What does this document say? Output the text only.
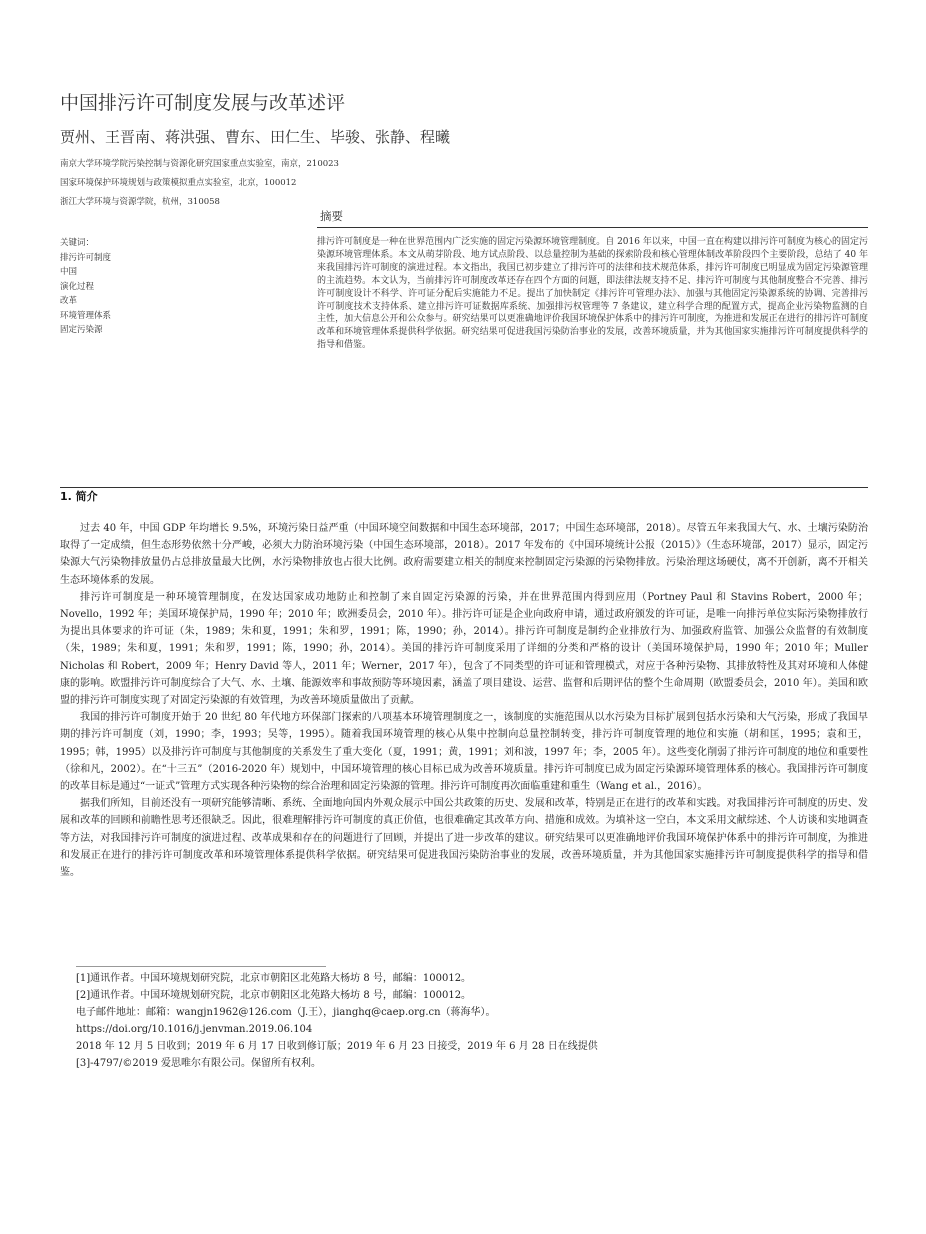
中国排污许可制度发展与改革述评
贾州、王晋南、蒋洪强、曹东、田仁生、毕骏、张静、程曦
南京大学环境学院污染控制与资源化研究国家重点实验室，南京，210023
国家环境保护环境规划与政策模拟重点实验室，北京，100012
浙江大学环境与资源学院，杭州，310058
摘要
关键词：
排污许可制度
中国
演化过程
改革
环境管理体系
固定污染源
排污许可制度是一种在世界范围内广泛实施的固定污染源环境管理制度。自 2016 年以来，中国一直在构建以排污许可制度为核心的固定污染源环境管理体系。本文从萌芽阶段、地方试点阶段、以总量控制为基础的探索阶段和核心管理体制改革阶段四个主要阶段，总结了 40 年来我国排污许可制度的演进过程。本文指出，我国已初步建立了排污许可的法律和技术规范体系，排污许可制度已明显成为固定污染源管理的主流趋势。本文认为，当前排污许可制度改革还存在四个方面的问题，即法律法规支持不足、排污许可制度与其他制度整合不完善、排污许可制度设计不科学、许可证分配后实施能力不足。提出了加快制定《排污许可管理办法》、加强与其他固定污染源系统的协调、完善排污许可制度技术支持体系、建立排污许可证数据库系统、加强排污权管理等 7 条建议，建立科学合理的配置方式，提高企业污染物监测的自主性，加大信息公开和公众参与。研究结果可以更准确地评价我国环境保护体系中的排污许可制度，为推进和发展正在进行的排污许可制度改革和环境管理体系提供科学依据。研究结果可促进我国污染防治事业的发展，改善环境质量，并为其他国家实施排污许可制度提供科学的指导和借鉴。
1. 简介

过去 40 年，中国 GDP 年均增长 9.5%，环境污染日益严重（中国环境空间数据和中国生态环境部，2017；中国生态环境部，2018）。尽管五年来我国大气、水、土壤污染防治取得了一定成绩，但生态形势依然十分严峻，必须大力防治环境污染（中国生态环境部，2018）。2017 年发布的《中国环境统计公报（2015）》（生态环境部，2017）显示，固定污染源大气污染物排放量仍占总排放量最大比例，水污染物排放也占很大比例。政府需要建立相关的制度来控制固定污染源的污染物排放。污染治理这场硬仗，离不开创新，离不开相关生态环境体系的发展。

排污许可制度是一种环境管理制度，在发达国家成功地防止和控制了来自固定污染源的污染，并在世界范围内得到应用（Portney Paul 和 Stavins Robert，2000 年；Novello，1992 年；美国环境保护局，1990 年；2010 年；欧洲委员会，2010 年）。排污许可证是企业向政府申请，通过政府颁发的许可证，是唯一向排污单位实际污染物排放行为提出具体要求的许可证（朱，1989；朱和夏，1991；朱和罗，1991；陈，1990；孙，2014）。排污许可制度是制约企业排放行为、加强政府监管、加强公众监督的有效制度（朱，1989；朱和夏，1991；朱和罗，1991；陈，1990；孙，2014）。美国的排污许可制度采用了详细的分类和严格的设计（美国环境保护局，1990 年；2010 年；Muller Nicholas 和 Robert，2009 年；Henry David 等人，2011 年；Werner，2017 年），包含了不同类型的许可证和管理模式，对应于各种污染物、其排放特性及其对环境和人体健康的影响。欧盟排污许可制度综合了大气、水、土壤、能源效率和事故预防等环境因素，涵盖了项目建设、运营、监督和后期评估的整个生命周期（欧盟委员会，2010 年）。美国和欧盟的排污许可制度实现了对固定污染源的有效管理，为改善环境质量做出了贡献。

我国的排污许可制度开始于 20 世纪 80 年代地方环保部门探索的八项基本环境管理制度之一，该制度的实施范围从以水污染为目标扩展到包括水污染和大气污染，形成了我国早期的排污许可制度（刘，1990；李，1993；吴等，1995）。随着我国环境管理的核心从集中控制向总量控制转变，排污许可制度管理的地位和实施（胡和匡，1995；袁和王，1995；韩，1995）以及排污许可制度与其他制度的关系发生了重大变化（夏，1991；黄，1991；刘和波，1997 年；李，2005 年）。这些变化削弱了排污许可制度的地位和重要性（徐和凡，2002）。在“十三五”（2016-2020 年）规划中，中国环境管理的核心目标已成为改善环境质量。排污许可制度已成为固定污染源环境管理体系的核心。我国排污许可制度的改革目标是通过“一证式”管理方式实现各种污染物的综合治理和固定污染源的管理。排污许可制度再次面临重建和重生（Wang et al.，2016）。

据我们所知，目前还没有一项研究能够清晰、系统、全面地向国内外观众展示中国公共政策的历史、发展和改革，特别是正在进行的改革和实践。对我国排污许可制度的历史、发展和改革的回顾和前瞻性思考还很缺乏。因此，很难理解排污许可制度的真正价值，也很难确定其改革方向、措施和成效。为填补这一空白，本文采用文献综述、个人访谈和实地调查等方法，对我国排污许可制度的演进过程、改革成果和存在的问题进行了回顾，并提出了进一步改革的建议。研究结果可以更准确地评价我国环境保护体系中的排污许可制度，为推进和发展正在进行的排污许可制度改革和环境管理体系提供科学依据。研究结果可促进我国污染防治事业的发展，改善环境质量，并为其他国家实施排污许可制度提供科学的指导和借鉴。

[1]通讯作者。中国环境规划研究院，北京市朝阳区北苑路大杨坊 8 号，邮编：100012。
[2]通讯作者。中国环境规划研究院，北京市朝阳区北苑路大杨坊 8 号，邮编：100012。
电子邮件地址：邮箱：wangjn1962@126.com（J.王），jianghq@caep.org.cn（蒋海华）。
https://doi.org/10.1016/j.jenvman.2019.06.104
2018 年 12 月 5 日收到；2019 年 6 月 17 日收到修订版；2019 年 6 月 23 日接受，2019 年 6 月 28 日在线提供
[3]-4797/©2019 爱思唯尔有限公司。保留所有权利。
